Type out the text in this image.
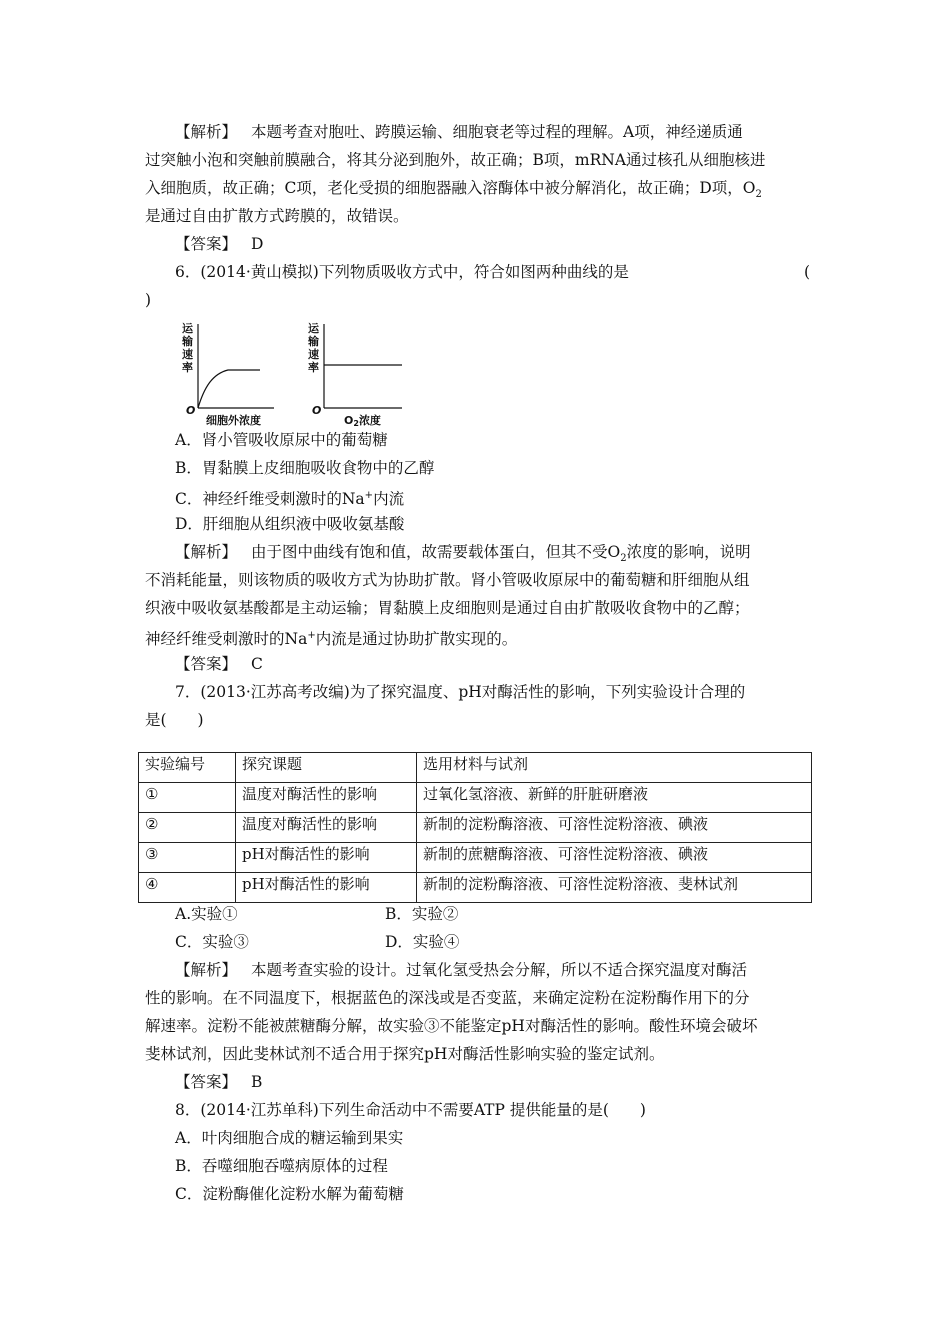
【解析】 本题考查对胞吐、跨膜运输、细胞衰老等过程的理解。A项，神经递质通
过突触小泡和突触前膜融合，将其分泌到胞外，故正确；B项，mRNA通过核孔从细胞核进
入细胞质，故正确；C项，老化受损的细胞器融入溶酶体中被分解消化，故正确；D项，$O_2$
是通过自由扩散方式跨膜的，故错误。
【答案】 D
6．(2014·黄山模拟)下列物质吸收方式中，符合如图两种曲线的是	(
)
运
输
速
率
O
细胞外浓度
运
输
速
率
O
O2浓度
A．肾小管吸收原尿中的葡萄糖
B．胃黏膜上皮细胞吸收食物中的乙醇
C．神经纤维受刺激时的Na+内流
D．肝细胞从组织液中吸收氨基酸
【解析】 由于图中曲线有饱和值，故需要载体蛋白，但其不受$O_2$浓度的影响，说明
不消耗能量，则该物质的吸收方式为协助扩散。肾小管吸收原尿中的葡萄糖和肝细胞从组
织液中吸收氨基酸都是主动运输；胃黏膜上皮细胞则是通过自由扩散吸收食物中的乙醇；
神经纤维受刺激时的Na+内流是通过协助扩散实现的。
【答案】 C
7．(2013·江苏高考改编)为了探究温度、pH对酶活性的影响，下列实验设计合理的
是(　　)
实验编号	探究课题	选用材料与试剂
①	温度对酶活性的影响	过氧化氢溶液、新鲜的肝脏研磨液
②	温度对酶活性的影响	新制的淀粉酶溶液、可溶性淀粉溶液、碘液
③	pH对酶活性的影响	新制的蔗糖酶溶液、可溶性淀粉溶液、碘液
④	pH对酶活性的影响	新制的淀粉酶溶液、可溶性淀粉溶液、斐林试剂
A.实验①	B．实验②
C．实验③	D．实验④
【解析】 本题考查实验的设计。过氧化氢受热会分解，所以不适合探究温度对酶活
性的影响。在不同温度下，根据蓝色的深浅或是否变蓝，来确定淀粉在淀粉酶作用下的分
解速率。淀粉不能被蔗糖酶分解，故实验③不能鉴定pH对酶活性的影响。酸性环境会破坏
斐林试剂，因此斐林试剂不适合用于探究pH对酶活性影响实验的鉴定试剂。
【答案】 B
8．(2014·江苏单科)下列生命活动中不需要ATP 提供能量的是(　　)
A．叶肉细胞合成的糖运输到果实
B．吞噬细胞吞噬病原体的过程
C．淀粉酶催化淀粉水解为葡萄糖
